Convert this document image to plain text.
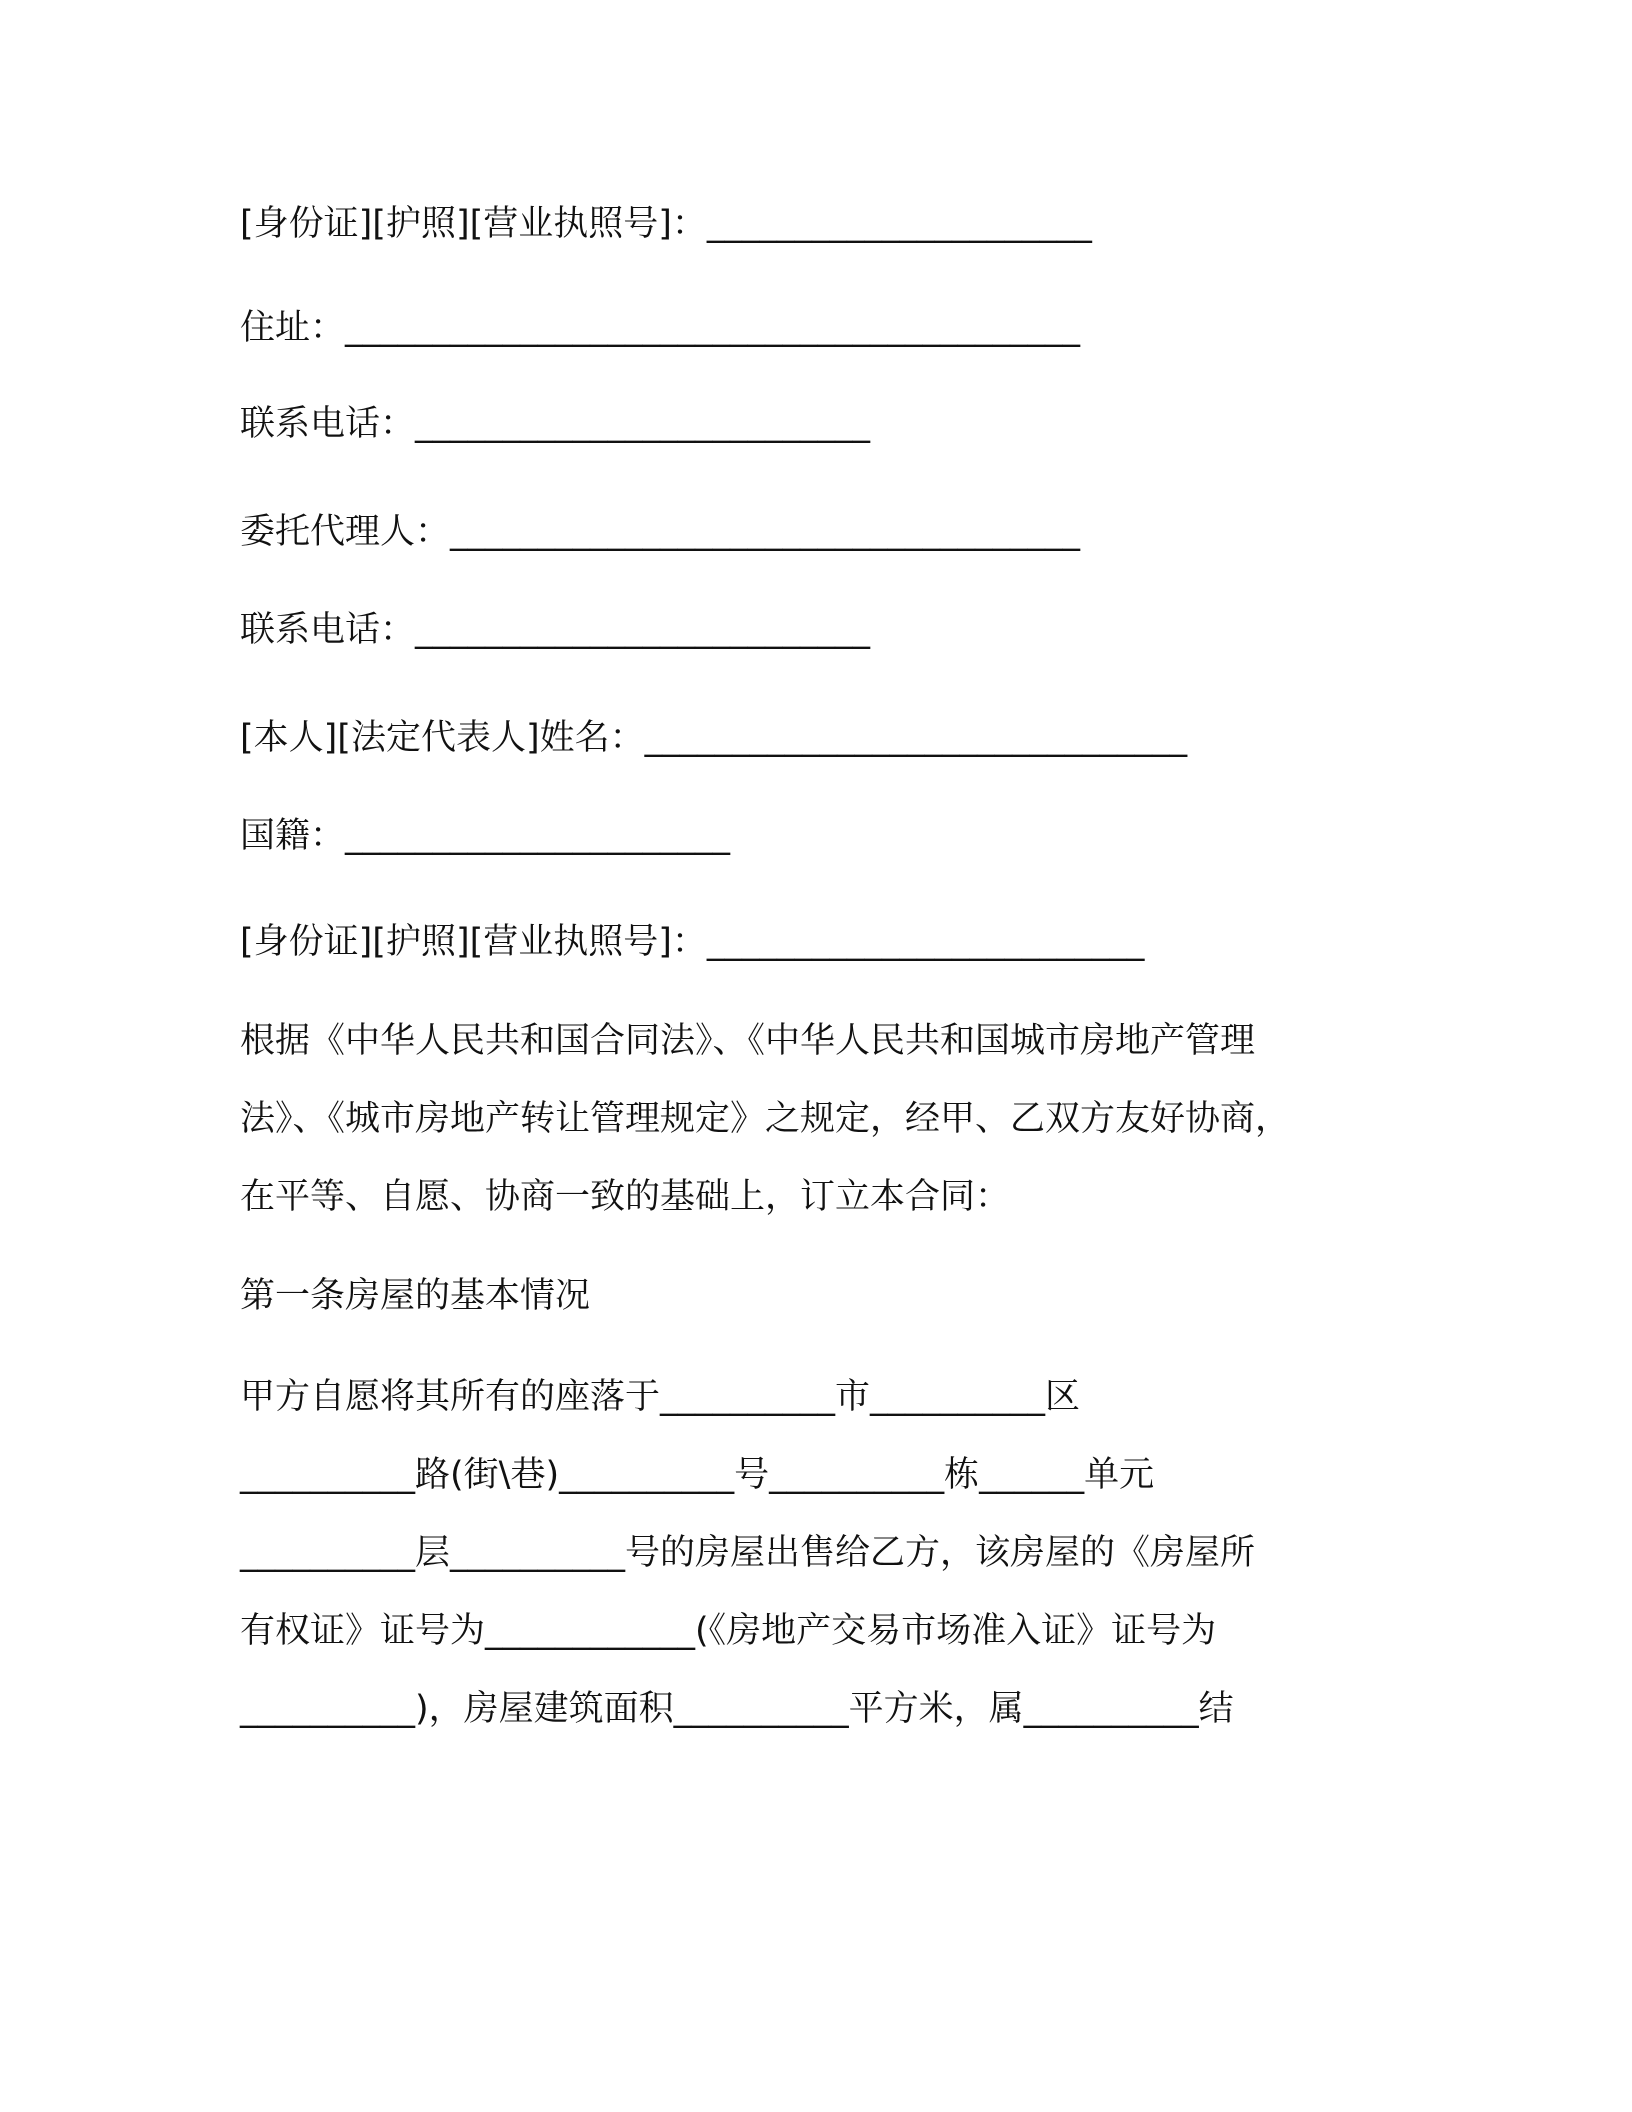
[身份证][护照][营业执照号]：______________________
住址：__________________________________________
联系电话：__________________________
委托代理人：____________________________________
联系电话：__________________________
[本人][法定代表人]姓名：_______________________________
国籍：______________________
[身份证][护照][营业执照号]：_________________________
根据《中华人民共和国合同法》、《中华人民共和国城市房地产管理
法》、《城市房地产转让管理规定》之规定，经甲、乙双方友好协商，
在平等、自愿、协商一致的基础上，订立本合同：
第一条房屋的基本情况
甲方自愿将其所有的座落于__________市__________区
__________路(街\巷)__________号__________栋______单元
__________层__________号的房屋出售给乙方，该房屋的《房屋所
有权证》证号为____________(《房地产交易市场准入证》证号为
__________)，房屋建筑面积__________平方米，属__________结
